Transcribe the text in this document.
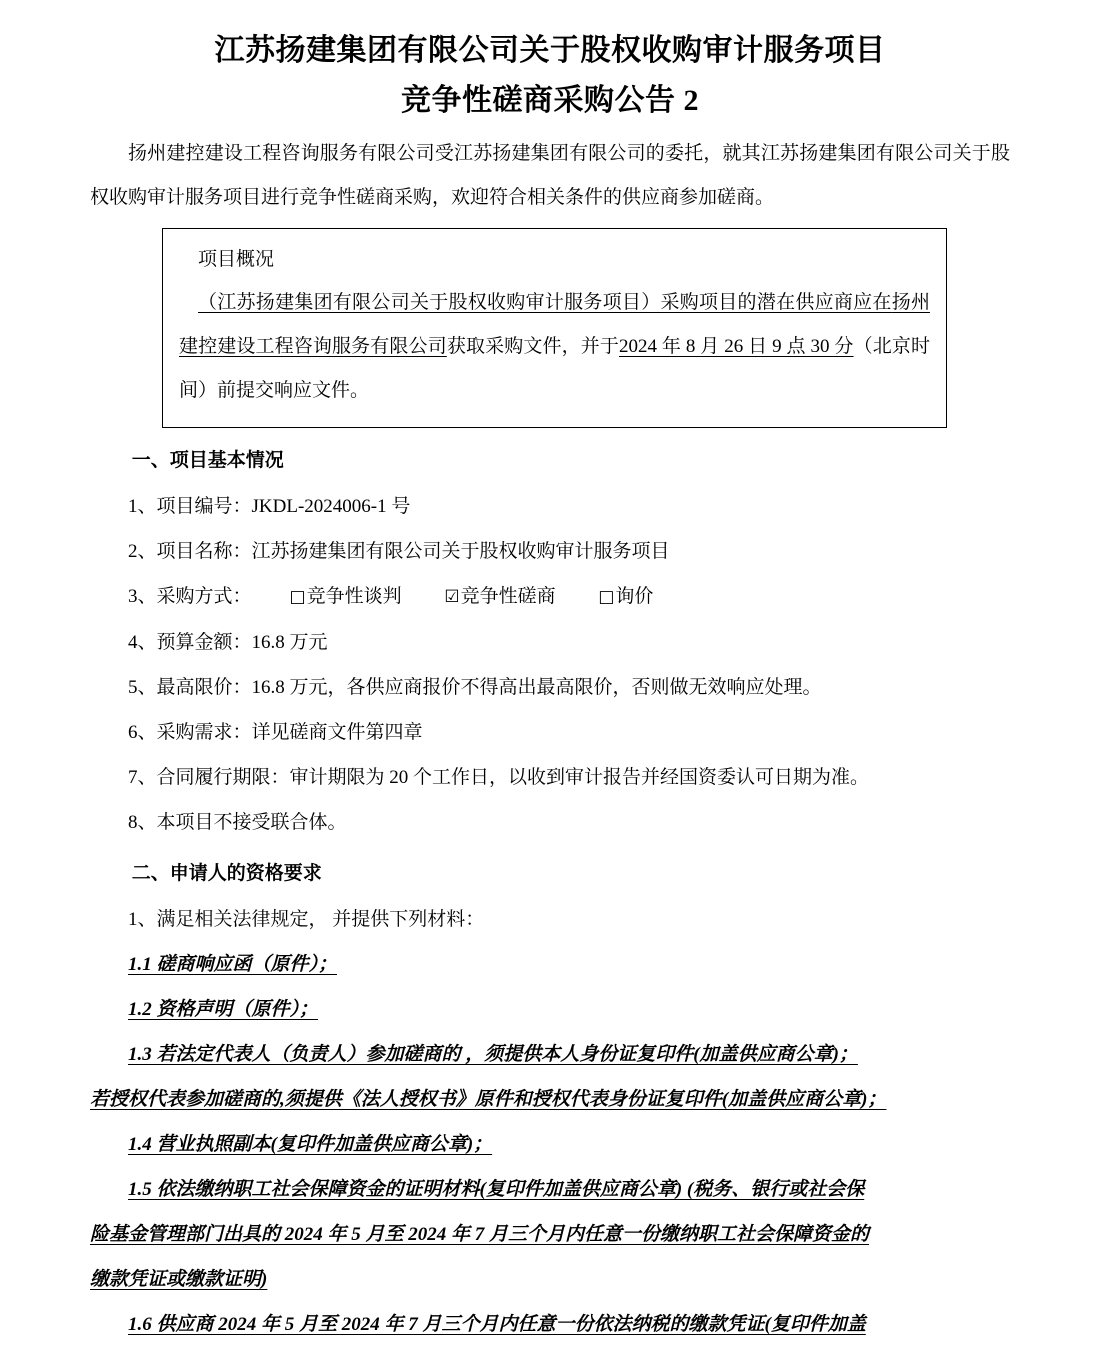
江苏扬建集团有限公司关于股权收购审计服务项目
竞争性磋商采购公告 2

扬州建控建设工程咨询服务有限公司受江苏扬建集团有限公司的委托，就其江苏扬建集团有限公司关于股权收购审计服务项目进行竞争性磋商采购，欢迎符合相关条件的供应商参加磋商。

项目概况

（江苏扬建集团有限公司关于股权收购审计服务项目）采购项目的潜在供应商应在扬州建控建设工程咨询服务有限公司获取采购文件，并于2024 年 8 月 26 日 9 点 30 分（北京时间）前提交响应文件。

一、项目基本情况

1、项目编号：JKDL-2024006-1 号

2、项目名称：江苏扬建集团有限公司关于股权收购审计服务项目

3、采购方式： □竞争性谈判	☑竞争性磋商	□询价

4、预算金额：16.8 万元

5、最高限价：16.8 万元，各供应商报价不得高出最高限价，否则做无效响应处理。

6、采购需求：详见磋商文件第四章

7、合同履行期限：审计期限为 20 个工作日，以收到审计报告并经国资委认可日期为准。

8、本项目不接受联合体。

二、申请人的资格要求

1、满足相关法律规定， 并提供下列材料：

1.1 磋商响应函（原件）；

1.2 资格声明（原件）；

1.3 若法定代表人（负责人）参加磋商的 ，须提供本人身份证复印件(加盖供应商公章)；

若授权代表参加磋商的,须提供《法人授权书》原件和授权代表身份证复印件(加盖供应商公章)；

1.4 营业执照副本(复印件加盖供应商公章)；

1.5 依法缴纳职工社会保障资金的证明材料(复印件加盖供应商公章) (税务、银行或社会保

险基金管理部门出具的 2024 年 5 月至 2024 年 7 月三个月内任意一份缴纳职工社会保障资金的

缴款凭证或缴款证明)

1.6 供应商 2024 年 5 月至 2024 年 7 月三个月内任意一份依法纳税的缴款凭证(复印件加盖
